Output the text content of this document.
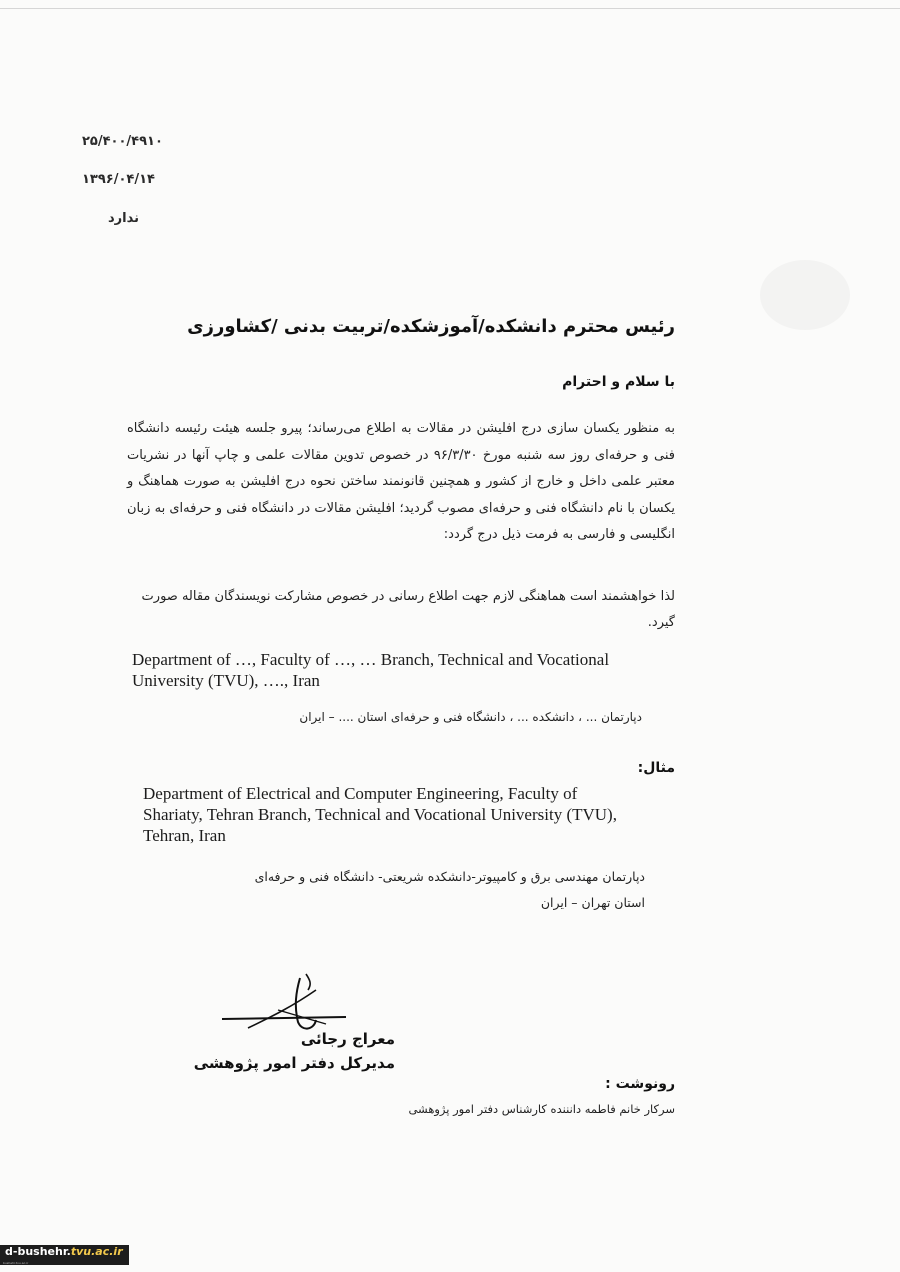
۲۵/۴۰۰/۴۹۱۰
۱۳۹۶/۰۴/۱۴
ندارد
رئیس محترم دانشکده/آموزشکده/تربیت بدنی /کشاورزی
با سلام و احترام
به منظور یکسان سازی درج افلیشن در مقالات به اطلاع می‌رساند؛ پیرو جلسه هیئت رئیسه دانشگاه فنی و حرفه‌ای روز سه شنبه مورخ ۹۶/۳/۳۰ در خصوص تدوین مقالات علمی و چاپ آنها در نشریات معتبر علمی داخل و خارج از کشور و همچنین قانونمند ساختن نحوه درج افلیشن به صورت هماهنگ و یکسان با نام دانشگاه فنی و حرفه‌ای مصوب گردید؛ افلیشن مقالات در دانشگاه فنی و حرفه‌ای به زبان انگلیسی و فارسی به فرمت ذیل درج گردد:
لذا خواهشمند است هماهنگی لازم جهت اطلاع رسانی در خصوص مشارکت نویسندگان مقاله صورت گیرد.
Department of …, Faculty of …, … Branch, Technical and Vocational University (TVU), …., Iran
دپارتمان ... ، دانشکده ... ، دانشگاه فنی و حرفه‌ای استان .... – ایران
مثال:
Department of Electrical and Computer Engineering, Faculty of Shariaty, Tehran Branch, Technical and Vocational University (TVU), Tehran, Iran
دپارتمان مهندسی برق و کامپیوتر-دانشکده شریعتی- دانشگاه فنی و حرفه‌ای استان تهران – ایران
معراج رجائی
مدیرکل دفتر امور پژوهشی
رونوشت :
سرکار خانم فاطمه دانننده کارشناس دفتر امور پژوهشی
d-bushehr.tvu.ac.ir
bushehr.tvu.ac.ir
